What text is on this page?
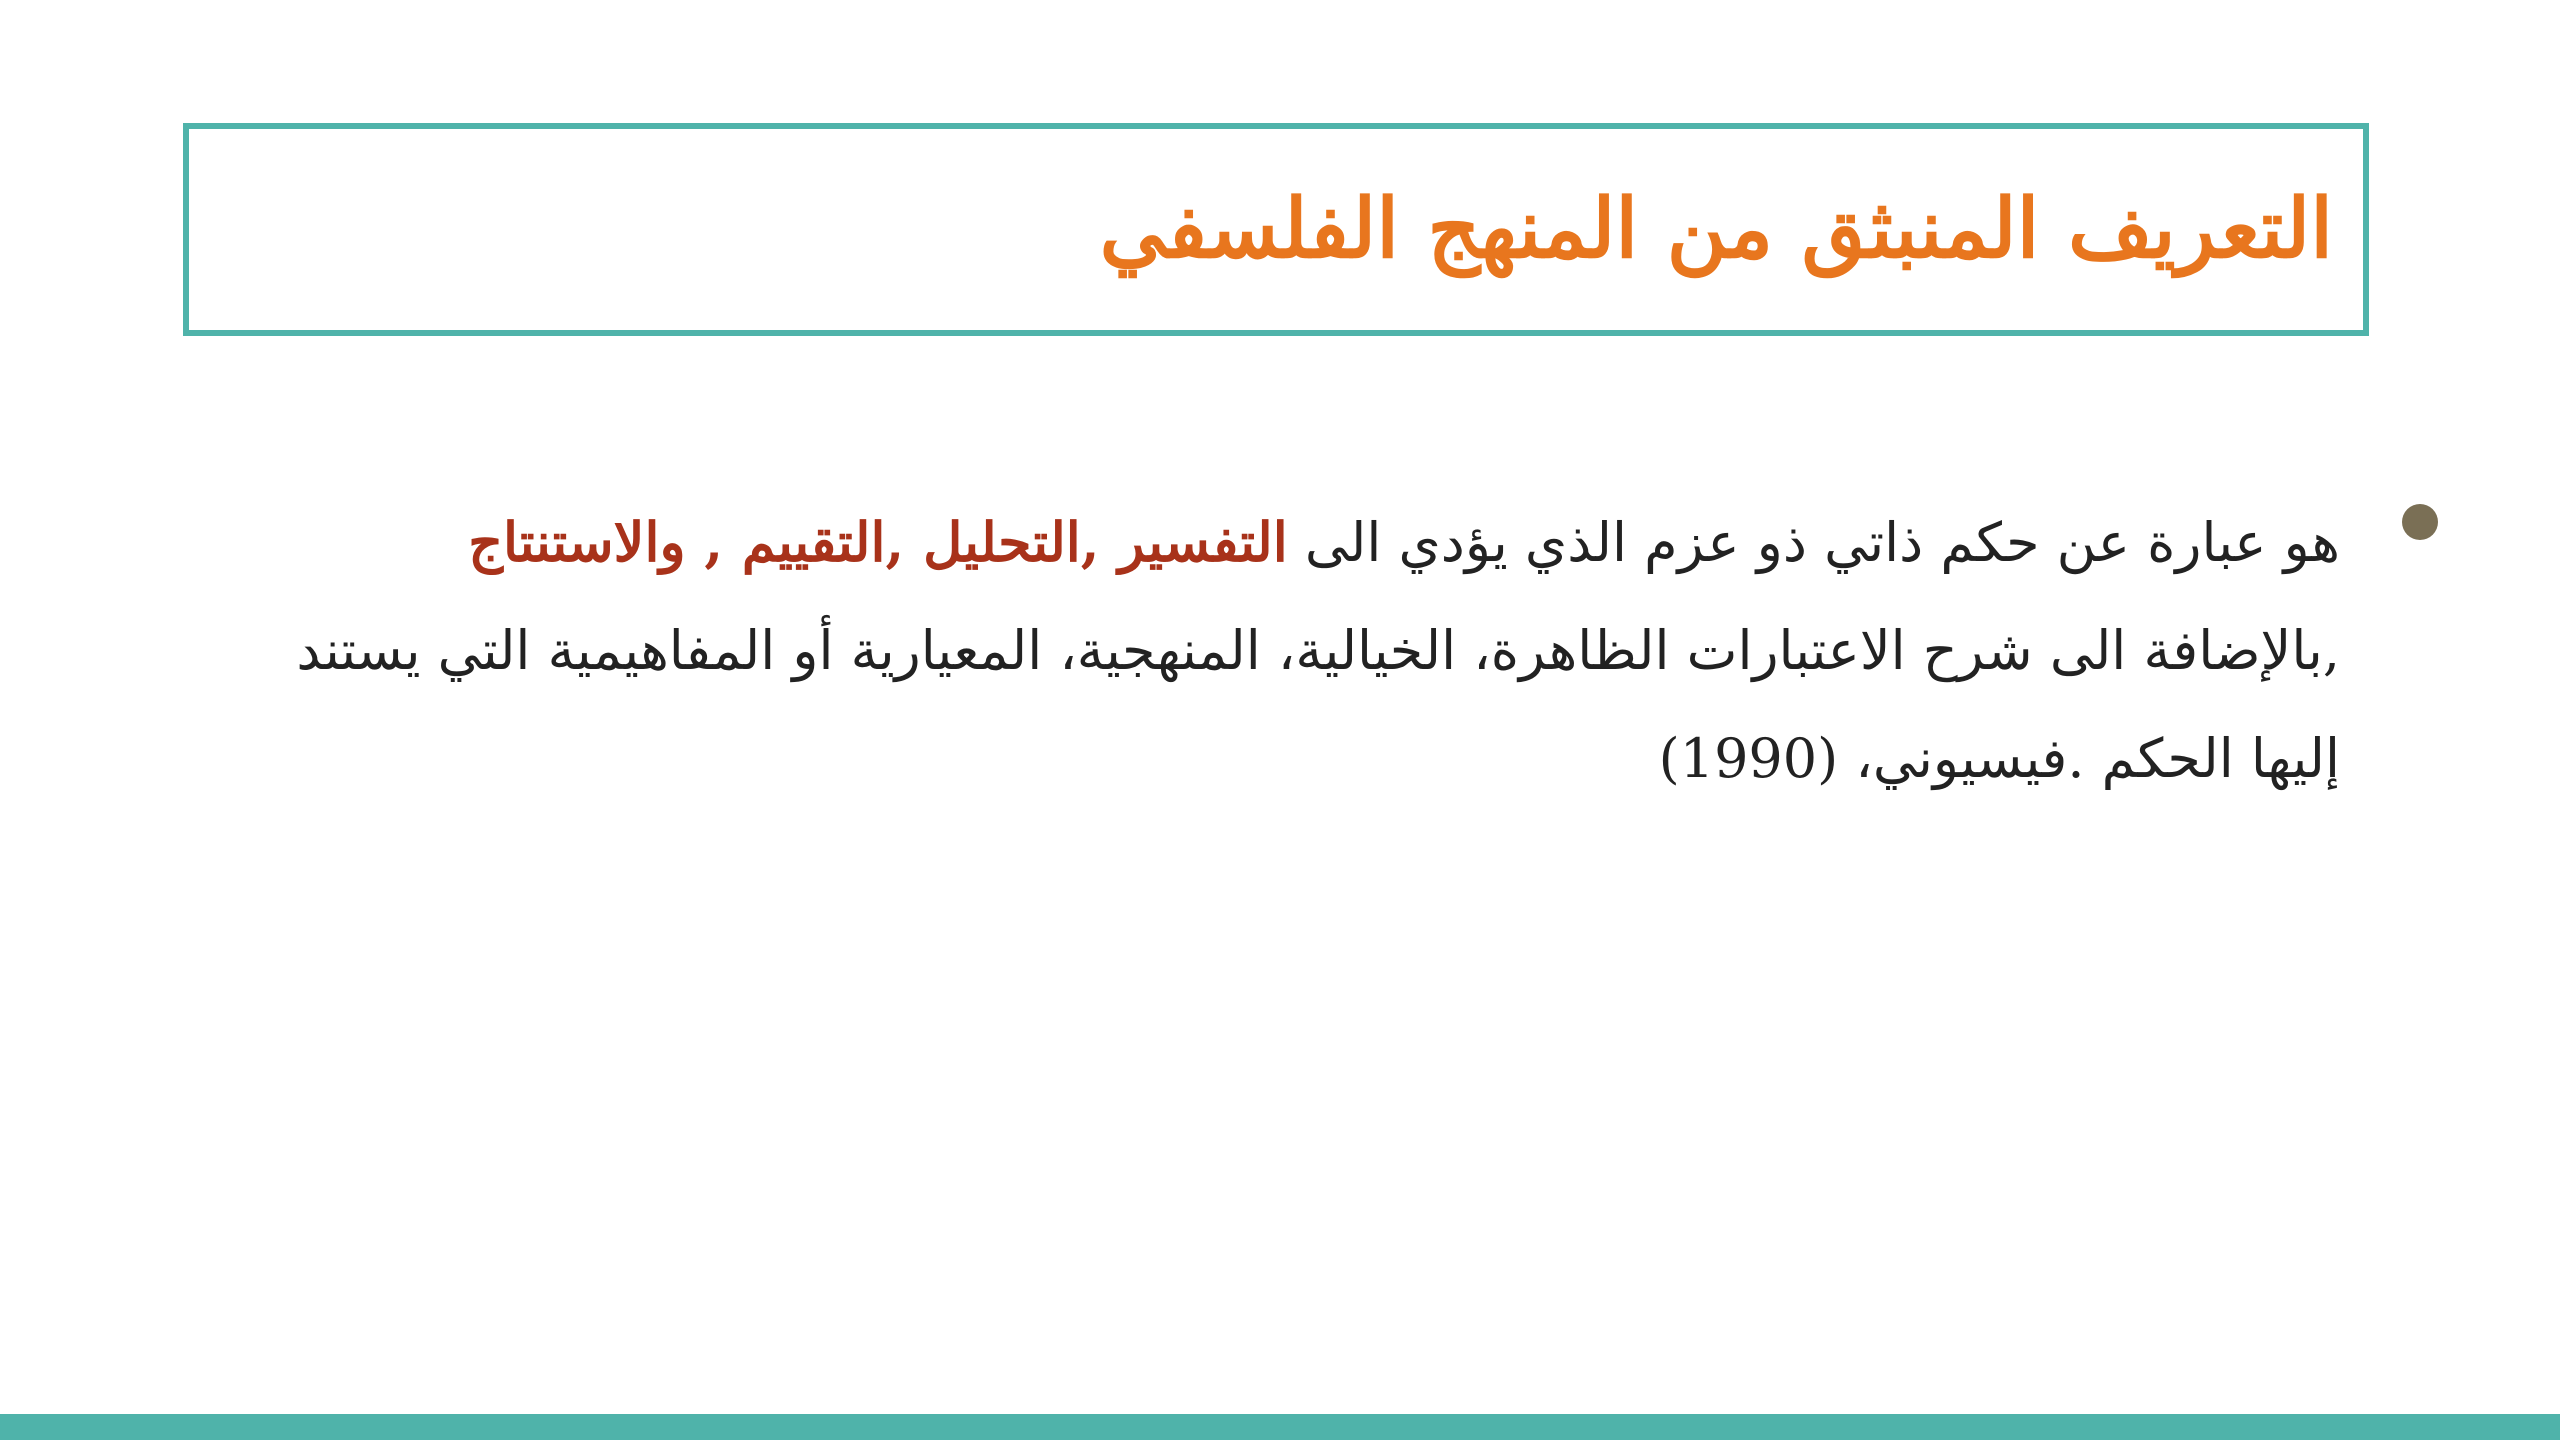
التعريف المنبثق من المنهج الفلسفي
هو عبارة عن حكم ذاتي ذو عزم الذي يؤدي الى التفسير ,التحليل ,التقييم , والاستنتاج ,بالإضافة الى شرح الاعتبارات الظاهرة، الخيالية، المنهجية، المعيارية أو المفاهيمية التي يستند إليها الحكم .فيسيوني، (1990)
